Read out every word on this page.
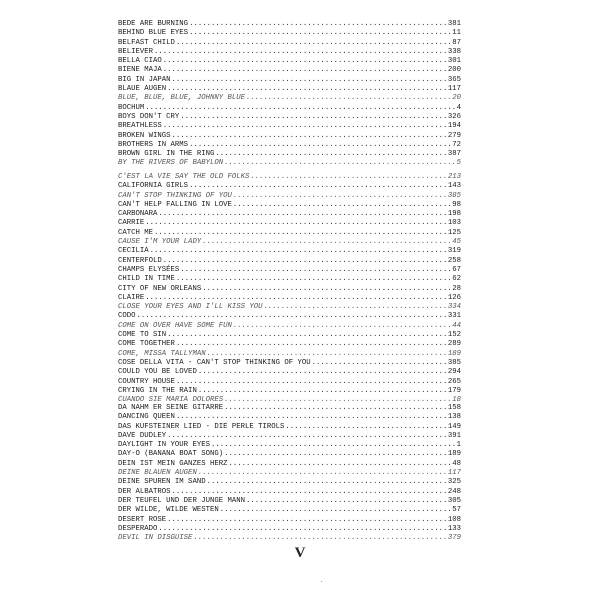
BEDE ARE BURNING .....	381
BEHIND BLUE EYES .....	11
BELFAST CHILD .....	87
BELIEVER .....	338
BELLA CIAO .....	301
BIENE MAJA .....	200
BIG IN JAPAN .....	365
BLAUE AUGEN .....	117
BLUE, BLUE, BLUE, JOHNNY BLUE .....	20
BOCHUM .....	4
BOYS DON'T CRY .....	326
BREATHLESS .....	194
BROKEN WINGS .....	279
BROTHERS IN ARMS .....	72
BROWN GIRL IN THE RING .....	387
BY THE RIVERS OF BABYLON .....	5
C'EST LA VIE SAY THE OLD FOLKS .....	213
CALIFORNIA GIRLS .....	143
CAN'T STOP THINKING OF YOU .....	385
CAN'T HELP FALLING IN LOVE .....	98
CARBONARA .....	198
CARRIE .....	103
CATCH ME .....	125
CAUSE I'M YOUR LADY .....	45
CECILIA .....	319
CENTERFOLD .....	258
CHAMPS ELYSÉES .....	67
CHILD IN TIME .....	62
CITY OF NEW ORLEANS .....	28
CLAIRE .....	126
CLOSE YOUR EYES AND I'LL KISS YOU .....	334
CODO .....	331
COME ON OVER HAVE SOME FUN .....	44
COME TO SIN .....	152
COME TOGETHER .....	289
COME, MISSA TALLYMAN .....	189
COSE DELLA VITA - CAN'T STOP THINKING OF YOU .....	385
COULD YOU BE LOVED .....	294
COUNTRY HOUSE .....	265
CRYING IN THE RAIN .....	179
CUANDO SIE MARIA DOLORES .....	18
DA NAHM ER SEINE GITARRE .....	158
DANCING QUEEN .....	138
DAS KUFSTEINER LIED - DIE PERLE TIROLS .....	149
DAVE DUDLEY .....	391
DAYLIGHT IN YOUR EYES .....	1
DAY-O (BANANA BOAT SONG) .....	189
DEIN IST MEIN GANZES HERZ .....	48
DEINE BLAUEN AUGEN .....	117
DEINE SPUREN IM SAND .....	325
DER ALBATROS .....	248
DER TEUFEL UND DER JUNGE MANN .....	305
DER WILDE, WILDE WESTEN .....	57
DESERT ROSE .....	108
DESPERADO .....	133
DEVIL IN DISGUISE .....	379
V
